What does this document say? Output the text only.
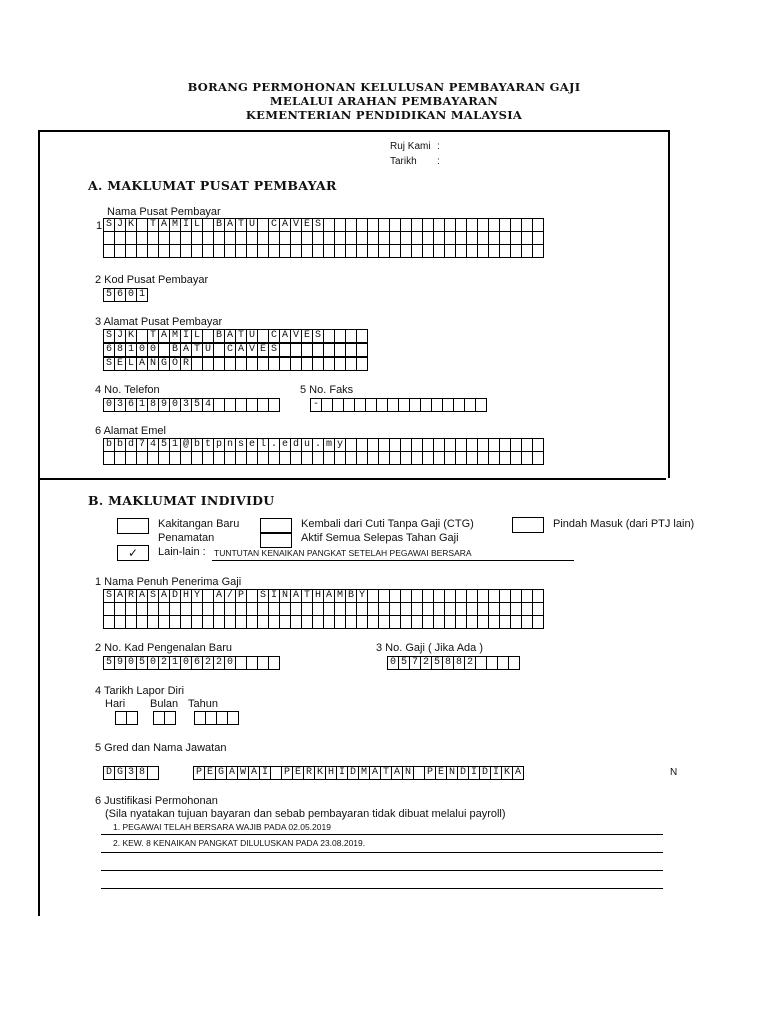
BORANG PERMOHONAN KELULUSAN PEMBAYARAN GAJI
MELALUI ARAHAN PEMBAYARAN
KEMENTERIAN PENDIDIKAN MALAYSIA
Ruj Kami :
Tarikh :
A. MAKLUMAT PUSAT PEMBAYAR
Nama Pusat Pembayar
1 S J K	T A M I L	B A T U	C A V E S
2 Kod Pusat Pembayar
5 6 0 1
3 Alamat Pusat Pembayar
S J K	T A M I L	B A T U	C A V E S
6 8 1 0 0	B A T U	C A V E S
S E L A N G O R
4 No. Telefon
0 3 6 1 8 9 0 3 5 4
5 No. Faks
-
6 Alamat Emel
b b d 7 4 5 1 @ b t p n s e l . e d u . m y
B. MAKLUMAT INDIVIDU
Kakitangan Baru
Penamatan
✓	Lain-lain : TUNTUTAN KENAIKAN PANGKAT SETELAH PEGAWAI BERSARA
Kembali dari Cuti Tanpa Gaji (CTG)
Aktif Semua Selepas Tahan Gaji
Pindah Masuk (dari PTJ lain)
1 Nama Penuh Penerima Gaji
S A R A S A D H Y	A / P	S I N A T H A M B Y
2 No. Kad Pengenalan Baru
5 9 0 5 0 2 1 0 6 2 2 0
3 No. Gaji ( Jika Ada )
0 5 7 2 5 8 8 2
4 Tarikh Lapor Diri
Hari Bulan Tahun
5 Gred dan Nama Jawatan
D G 3 8	P E G A W A I	P E R K H I D M A T A N	P E N D I D I K A	N
6 Justifikasi Permohonan
(Sila nyatakan tujuan bayaran dan sebab pembayaran tidak dibuat melalui payroll)
1. PEGAWAI TELAH BERSARA WAJIB PADA 02.05.2019
2. KEW. 8 KENAIKAN PANGKAT DILULUSKAN PADA 23.08.2019.
